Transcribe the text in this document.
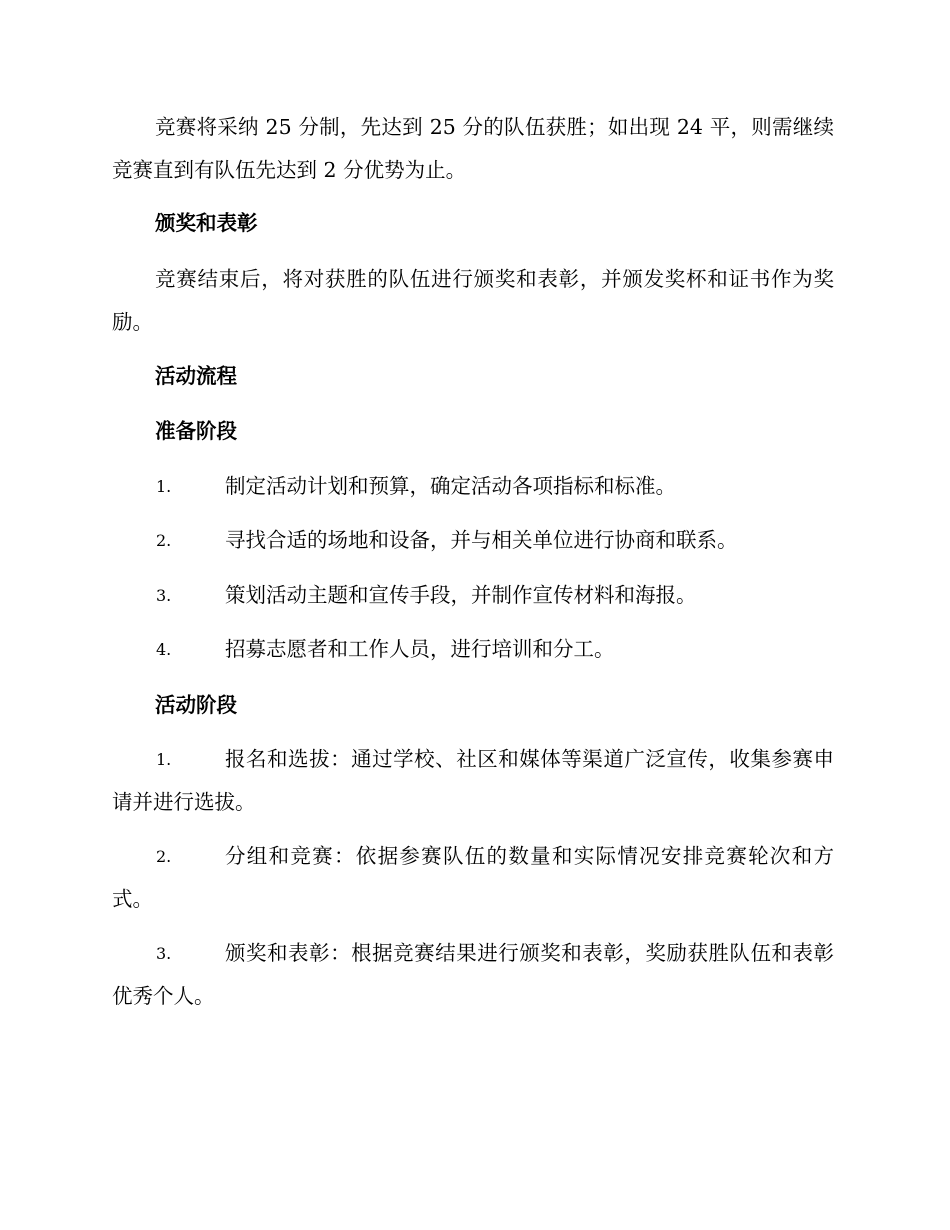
竞赛将采纳 25 分制，先达到 25 分的队伍获胜；如出现 24 平，则需继续竞赛直到有队伍先达到 2 分优势为止。

颁奖和表彰

竞赛结束后，将对获胜的队伍进行颁奖和表彰，并颁发奖杯和证书作为奖励。

活动流程
准备阶段
1.	制定活动计划和预算，确定活动各项指标和标准。
2.	寻找合适的场地和设备，并与相关单位进行协商和联系。
3.	策划活动主题和宣传手段，并制作宣传材料和海报。
4.	招募志愿者和工作人员，进行培训和分工。
活动阶段
1.	报名和选拔：通过学校、社区和媒体等渠道广泛宣传，收集参赛申请并进行选拔。
2.	分组和竞赛：依据参赛队伍的数量和实际情况安排竞赛轮次和方式。
3.	颁奖和表彰：根据竞赛结果进行颁奖和表彰，奖励获胜队伍和表彰优秀个人。
